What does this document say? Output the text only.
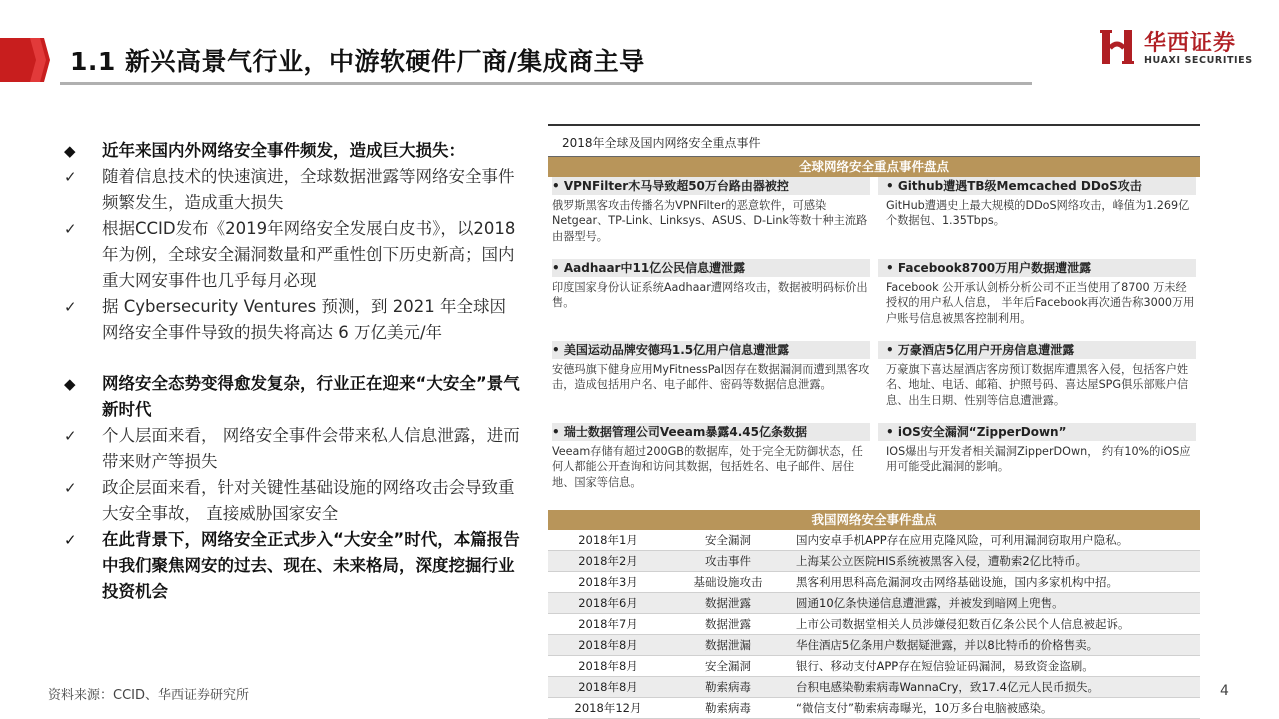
1.1 新兴高景气行业，中游软硬件厂商/集成商主导
华西证券
HUAXI SECURITIES
◆	近年来国内外网络安全事件频发，造成巨大损失：
✓	随着信息技术的快速演进，全球数据泄露等网络安全事件频繁发生，造成重大损失
✓	根据CCID发布《2019年网络安全发展白皮书》，以2018年为例，全球安全漏洞数量和严重性创下历史新高；国内重大网安事件也几乎每月必现
✓	据 Cybersecurity Ventures 预测，到 2021 年全球因网络安全事件导致的损失将高达 6 万亿美元/年
◆	网络安全态势变得愈发复杂，行业正在迎来“大安全”景气新时代
✓	个人层面来看， 网络安全事件会带来私人信息泄露，进而带来财产等损失
✓	政企层面来看，针对关键性基础设施的网络攻击会导致重大安全事故， 直接威胁国家安全
✓	在此背景下，网络安全正式步入“大安全”时代，本篇报告中我们聚焦网安的过去、现在、未来格局，深度挖掘行业投资机会
2018年全球及国内网络安全重点事件
全球网络安全重点事件盘点
• VPNFilter木马导致超50万台路由器被控
俄罗斯黑客攻击传播名为VPNFilter的恶意软件，可感染Netgear、TP-Link、Linksys、ASUS、D-Link等数十种主流路由器型号。
• Github遭遇TB级Memcached DDoS攻击
GitHub遭遇史上最大规模的DDoS网络攻击，峰值为1.269亿个数据包、1.35Tbps。
• Aadhaar中11亿公民信息遭泄露
印度国家身份认证系统Aadhaar遭网络攻击，数据被明码标价出售。
• Facebook8700万用户数据遭泄露
Facebook 公开承认剑桥分析公司不正当使用了8700 万未经授权的用户私人信息， 半年后Facebook再次通告称3000万用户账号信息被黑客控制利用。
• 美国运动品牌安德玛1.5亿用户信息遭泄露
安德玛旗下健身应用MyFitnessPal因存在数据漏洞而遭到黑客攻击，造成包括用户名、电子邮件、密码等数据信息泄露。
• 万豪酒店5亿用户开房信息遭泄露
万豪旗下喜达屋酒店客房预订数据库遭黑客入侵，包括客户姓名、地址、电话、邮箱、护照号码、喜达屋SPG俱乐部账户信息、出生日期、性别等信息遭泄露。
• 瑞士数据管理公司Veeam暴露4.45亿条数据
Veeam存储有超过200GB的数据库，处于完全无防御状态，任何人都能公开查询和访问其数据，包括姓名、电子邮件、居住地、国家等信息。
• iOS安全漏洞“ZipperDown”
IOS爆出与开发者相关漏洞ZipperDOwn， 约有10%的iOS应用可能受此漏洞的影响。
我国网络安全事件盘点
2018年1月	安全漏洞	国内安卓手机APP存在应用克隆风险，可利用漏洞窃取用户隐私。
2018年2月	攻击事件	上海某公立医院HIS系统被黑客入侵，遭勒索2亿比特币。
2018年3月	基础设施攻击	黑客利用思科高危漏洞攻击网络基础设施，国内多家机构中招。
2018年6月	数据泄露	圆通10亿条快递信息遭泄露，并被发到暗网上兜售。
2018年7月	数据泄露	上市公司数据堂相关人员涉嫌侵犯数百亿条公民个人信息被起诉。
2018年8月	数据泄漏	华住酒店5亿条用户数据疑泄露，并以8比特币的价格售卖。
2018年8月	安全漏洞	银行、移动支付APP存在短信验证码漏洞，易致资金盗刷。
2018年8月	勒索病毒	台积电感染勒索病毒WannaCry，致17.4亿元人民币损失。
2018年12月	勒索病毒	“微信支付”勒索病毒曝光，10万多台电脑被感染。
资料来源：CCID、华西证券研究所	4
